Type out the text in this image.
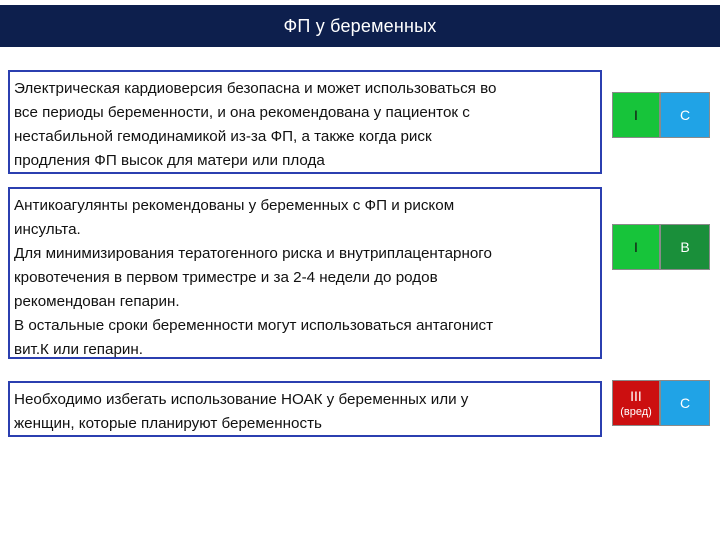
ФП у беременных
Электрическая кардиоверсия безопасна и может использоваться во
все периоды беременности, и она рекомендована у пациенток с
нестабильной гемодинамикой из-за ФП, а также когда риск
продления ФП высок для матери или плода
I	C
Антикоагулянты рекомендованы у беременных с ФП и риском
инсульта.
Для минимизирования тератогенного риска и внутриплацентарного
кровотечения в первом триместре и за 2-4 недели до родов
рекомендован гепарин.
В остальные сроки беременности могут использоваться антагонист
вит.К или гепарин.
I	B
Необходимо избегать использование НОАК у беременных или у
женщин, которые планируют беременность
III
(вред)
C
